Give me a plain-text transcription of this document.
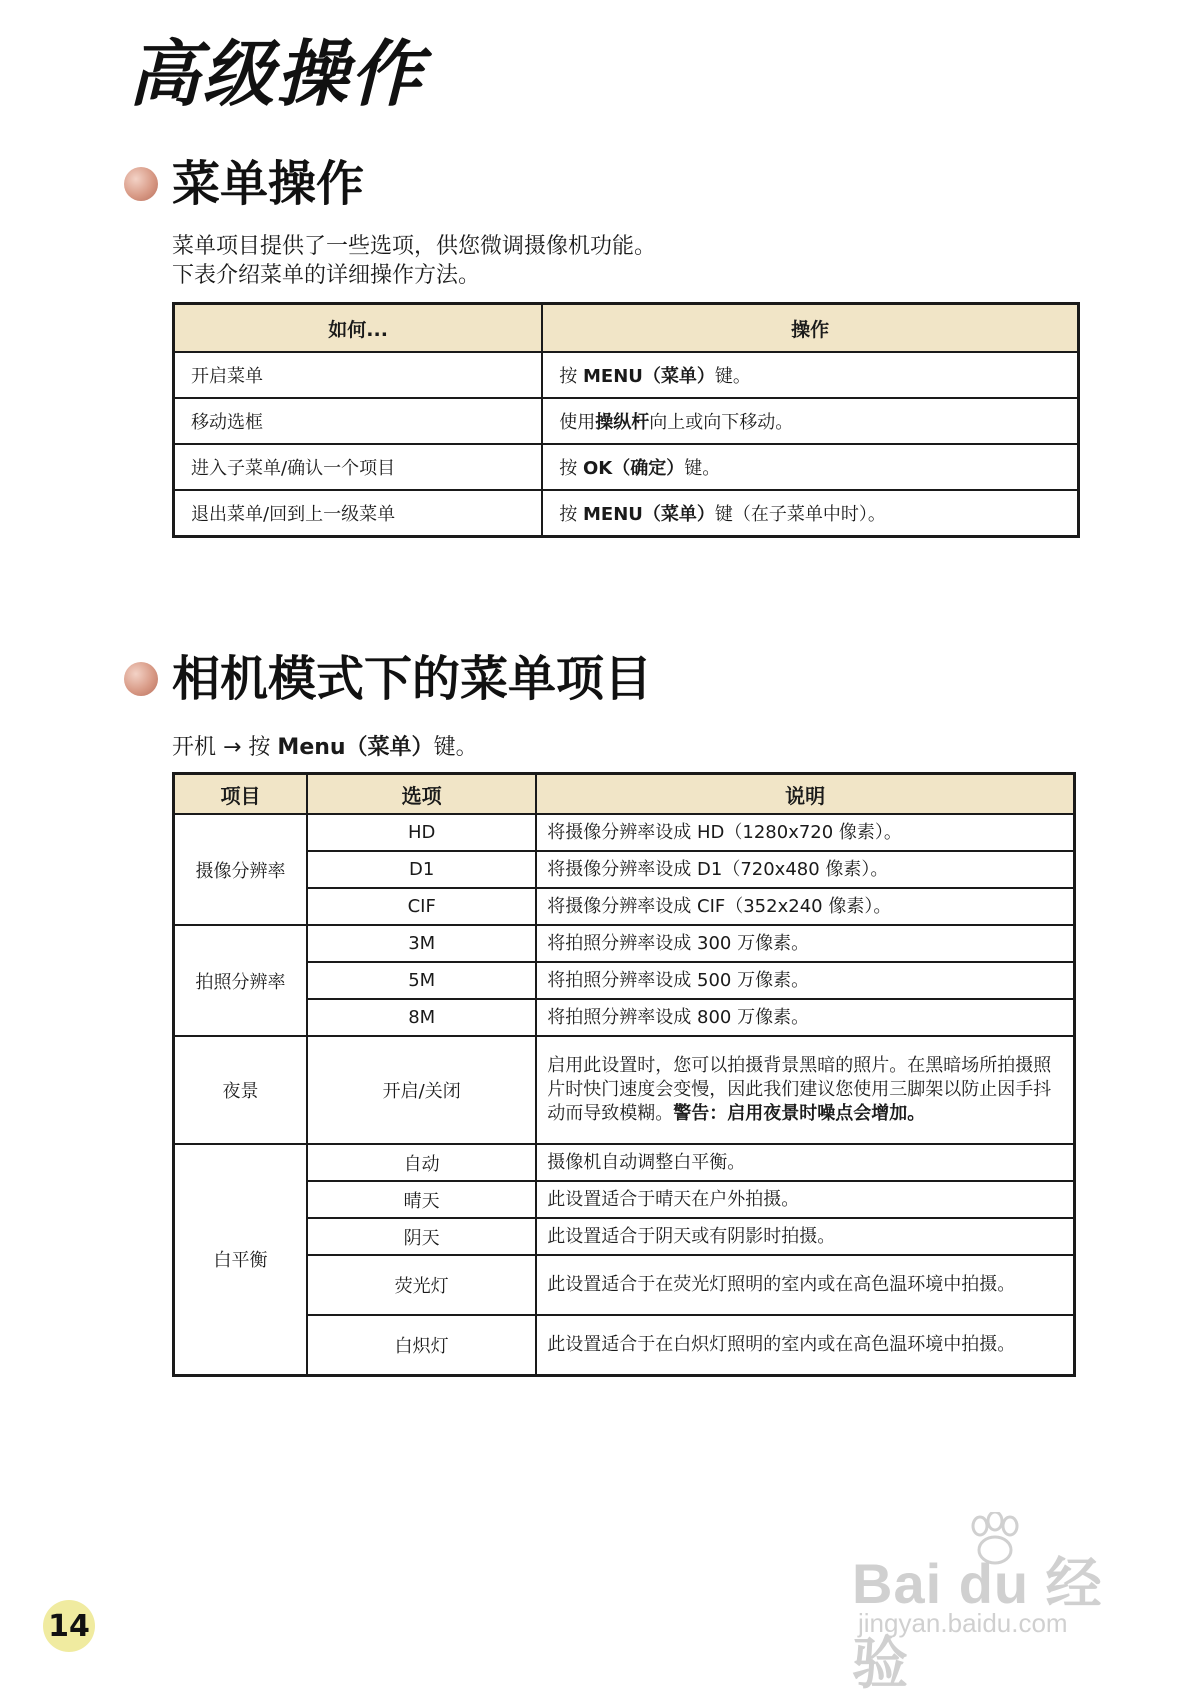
高级操作
菜单操作
菜单项目提供了一些选项，供您微调摄像机功能。
下表介绍菜单的详细操作方法。
如何...	操作
开启菜单	按 MENU（菜单）键。
移动选框	使用操纵杆向上或向下移动。
进入子菜单/确认一个项目	按 OK（确定）键。
退出菜单/回到上一级菜单	按 MENU（菜单）键（在子菜单中时）。
相机模式下的菜单项目
开机 → 按 Menu（菜单）键。
项目	选项	说明
摄像分辨率	HD	将摄像分辨率设成 HD（1280x720 像素）。
	D1	将摄像分辨率设成 D1（720x480 像素）。
	CIF	将摄像分辨率设成 CIF（352x240 像素）。
拍照分辨率	3M	将拍照分辨率设成 300 万像素。
	5M	将拍照分辨率设成 500 万像素。
	8M	将拍照分辨率设成 800 万像素。
夜景	开启/关闭	启用此设置时，您可以拍摄背景黑暗的照片。在黑暗场所拍摄照片时快门速度会变慢，因此我们建议您使用三脚架以防止因手抖动而导致模糊。警告：启用夜景时噪点会增加。
白平衡	自动	摄像机自动调整白平衡。
	晴天	此设置适合于晴天在户外拍摄。
	阴天	此设置适合于阴天或有阴影时拍摄。
	荧光灯	此设置适合于在荧光灯照明的室内或在高色温环境中拍摄。
	白炽灯	此设置适合于在白炽灯照明的室内或在高色温环境中拍摄。
14
Bai du 经验
jingyan.baidu.com
